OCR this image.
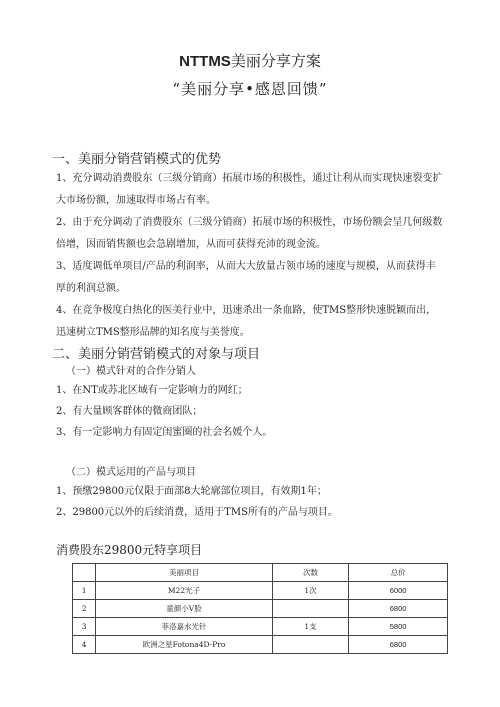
NTTMS美丽分享方案
“美丽分享•感恩回馈”
一、美丽分销营销模式的优势
1、充分调动消费股东（三级分销商）拓展市场的积极性，通过让利从而实现快速裂变扩大市场份额，加速取得市场占有率。
2、由于充分调动了消费股东（三级分销商）拓展市场的积极性，市场份额会呈几何级数倍增，因而销售额也会急剧增加，从而可获得充沛的现金流。
3、适度调低单项目/产品的利润率，从而大大放量占领市场的速度与规模，从而获得丰厚的利润总额。
4、在竞争极度白热化的医美行业中，迅速杀出一条血路，使TMS整形快速脱颖而出，迅速树立TMS整形品牌的知名度与美誉度。
二、美丽分销营销模式的对象与项目
（一）模式针对的合作分销人
1、在NT或苏北区域有一定影响力的网红；
2、有大量顾客群体的微商团队；
3、有一定影响力有固定闺蜜圈的社会名媛个人。
（二）模式运用的产品与项目
1、预缴29800元仅限于面部8大轮廓部位项目，有效期1年；
2、29800元以外的后续消费，适用于TMS所有的产品与项目。
消费股东29800元特享项目
	美丽项目	次数	总价
1	M22光子	1次	6000
2	童颜小V脸		6800
3	菲洛嘉水光针	1支	5800
4	欧洲之星Fotona4D-Pro		6800
